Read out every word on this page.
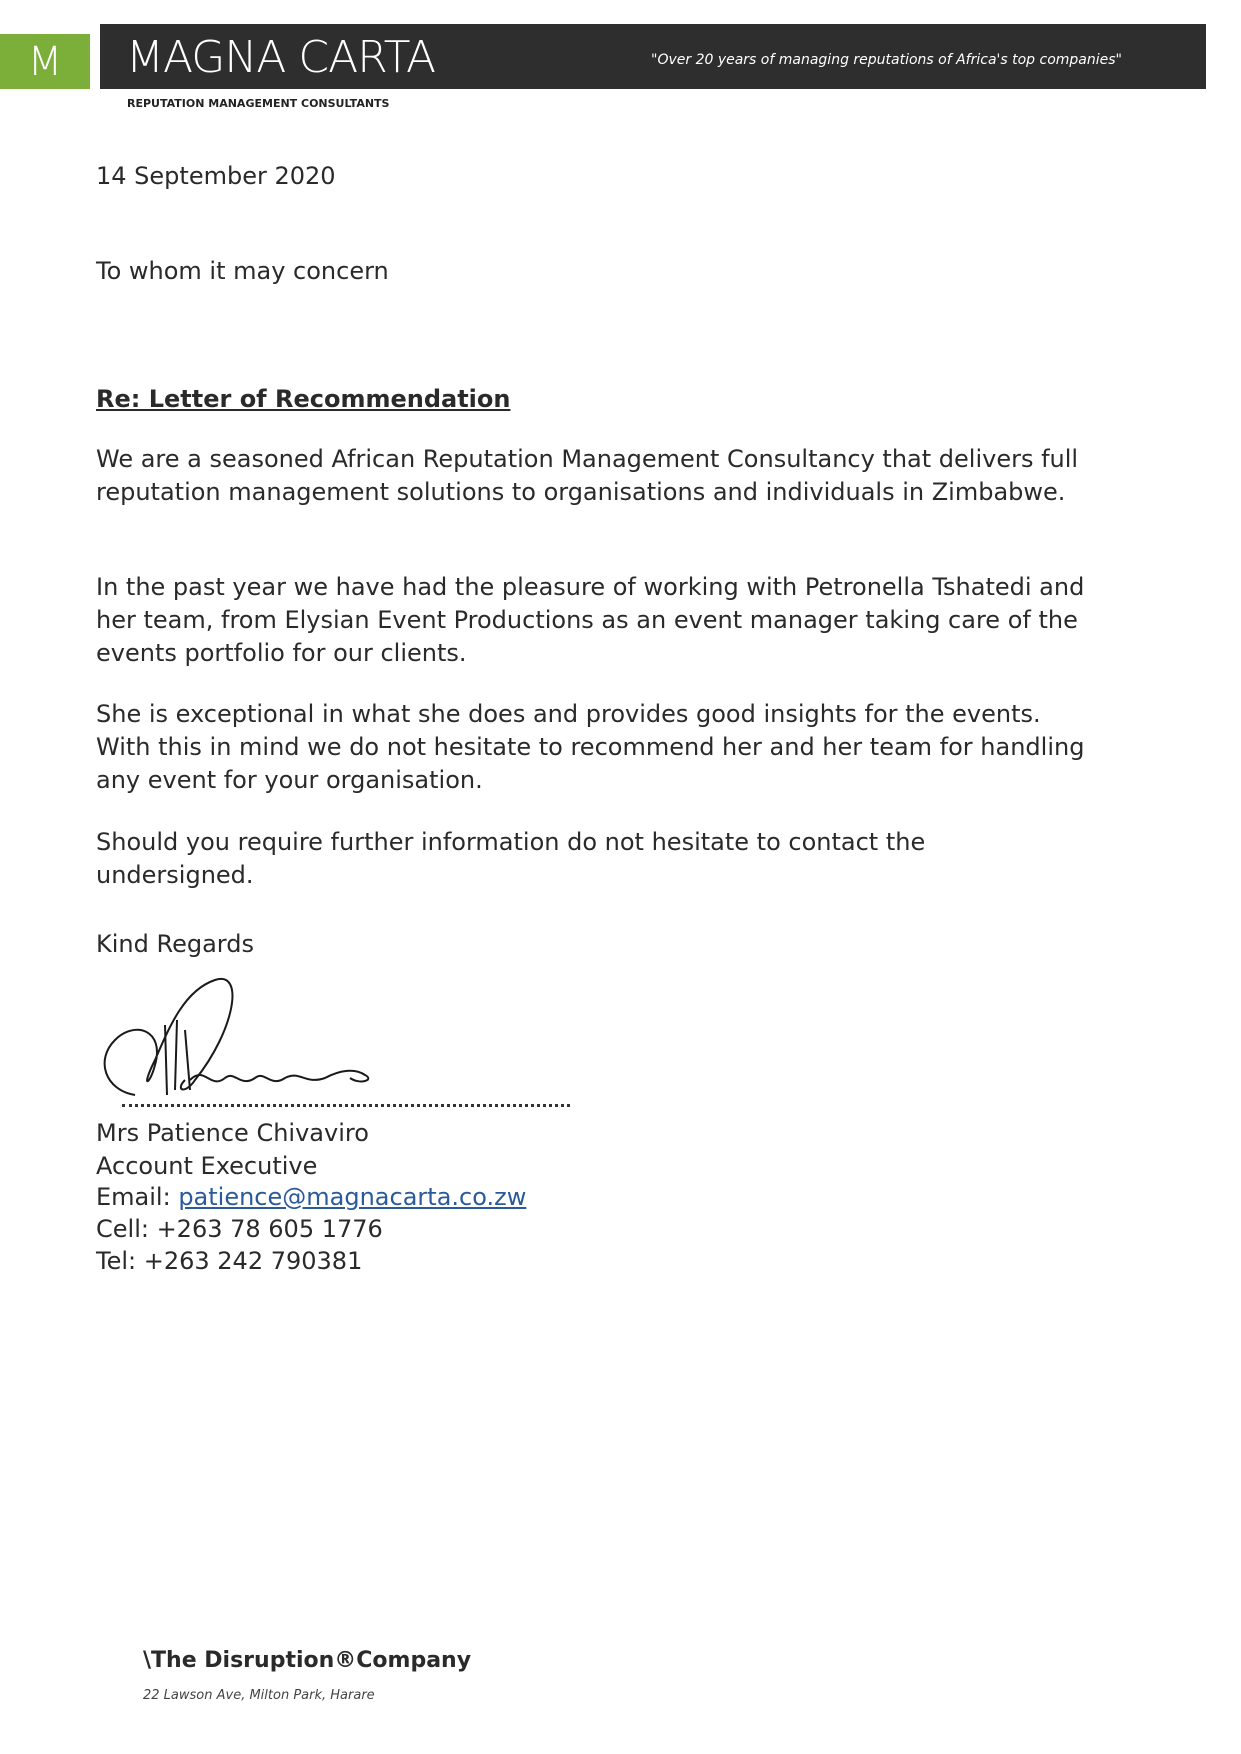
M MAGNA CARTA	"Over 20 years of managing reputations of Africa's top companies"
REPUTATION MANAGEMENT CONSULTANTS
14 September 2020
To whom it may concern
Re: Letter of Recommendation
We are a seasoned African Reputation Management Consultancy that delivers full reputation management solutions to organisations and individuals in Zimbabwe.
In the past year we have had the pleasure of working with Petronella Tshatedi and her team, from Elysian Event Productions as an event manager taking care of the events portfolio for our clients.
She is exceptional in what she does and provides good insights for the events. With this in mind we do not hesitate to recommend her and her team for handling any event for your organisation.
Should you require further information do not hesitate to contact the undersigned.
Kind Regards
Mrs Patience Chivaviro
Account Executive
Email: patience@magnacarta.co.zw
Cell: +263 78 605 1776
Tel: +263 242 790381
\The Disruption®Company
22 Lawson Ave, Milton Park, Harare
